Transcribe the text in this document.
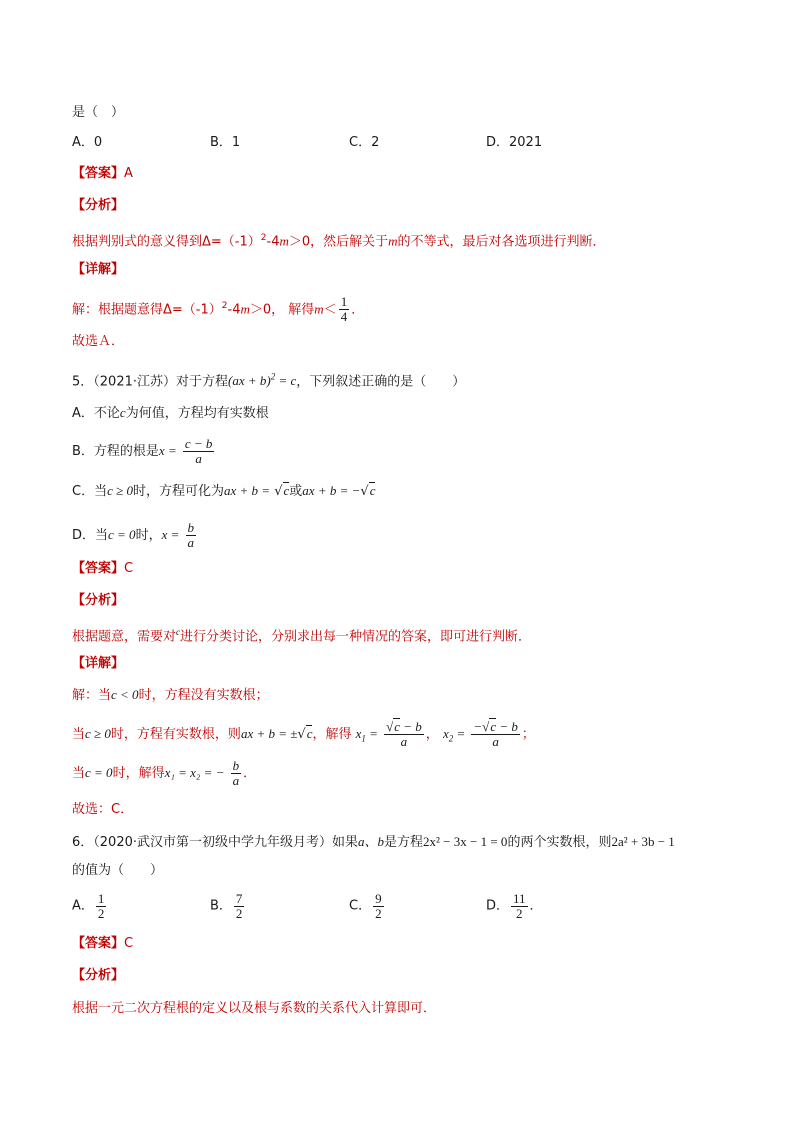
是（　）
A．0	B．1	C．2	D．2021
【答案】A
【分析】
根据判别式的意义得到$\Delta=(-1)^2-4m>0$，然后解关于m的不等式，最后对各选项进行判断．
【详解】
解：根据题意得$\Delta=(-1)^2-4m>0$， 解得$m< \frac{1}{4}$ ．
故选Ａ．
5．（2021·江苏）对于方程(ax + b)$^2$ = c，下列叙述正确的是（　　）
A．不论c为何值，方程均有实数根
B．方程的根是$x = \frac{c - b}{a}$
C．当c ≥ 0时，方程可化为ax + b = √c或ax + b = −√c
D．当c = 0时，$x = \frac{b}{a}$
【答案】C
【分析】
根据题意，需要对$^c$进行分类讨论，分别求出每一种情况的答案，即可进行判断．
【详解】
解：当c < 0时，方程没有实数根；
当c ≥ 0时，方程有实数根，则ax + b = ±√c，解得 $x_1 = \frac{√c - b}{a}$ ， $x_2 = \frac{-√c - b}{a}$ ；
当c = 0时，解得x₁ = x₂ = − $\frac{b}{a}$ ．
故选：C．
6．（2020·武汉市第一初级中学九年级月考）如果a、b是方程2x² − 3x − 1 = 0的两个实数根，则2a² + 3b − 1
的值为（　　）
A． $\frac{1}{2}$	B． $\frac{7}{2}$	C． $\frac{9}{2}$	D． $\frac{11}{2}$ ．
【答案】C
【分析】
根据一元二次方程根的定义以及根与系数的关系代入计算即可．
